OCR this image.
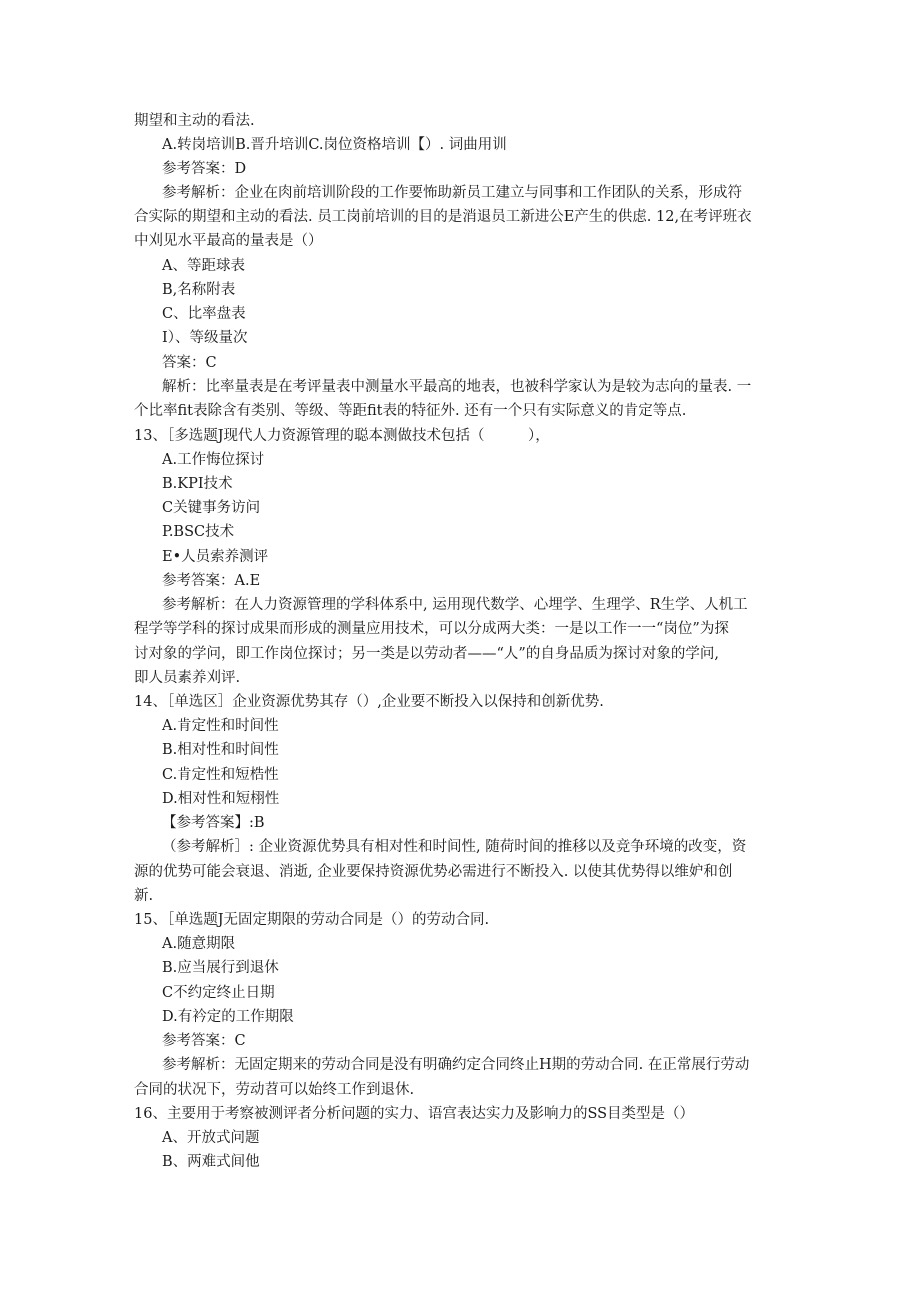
期望和主动的看法.
A.转岗培训B.晋升培训C.岗位资格培训【）. 词曲用训
参考答案：D
参考解析：企业在肉前培训阶段的工作要怖助新员工建立与同事和工作团队的关系，形成符
合实际的期望和主动的看法. 员工岗前培训的目的是消退员工新进公E产生的供虑. 12,在考评班衣
中刈见水平最高的量表是（）
A、等距球表
B,名称附表
C、比率盘表
I）、等级量次
答案：C
解析：比率量表是在考评量表中测量水平最高的地表，也被科学家认为是较为志向的量表. 一
个比率fit表除含有类别、等级、等距fit表的特征外. 还有一个只有实际意义的肯定等点.
13、［多选题J现代人力资源管理的聪本测做技术包括（　　　），
A.工作悔位探讨
B.KPI技术
C关键事务访问
P.BSC技术
E•人员索养测评
参考答案：A.E
参考解析：在人力资源管理的学科体系中, 运用现代数学、心埋学、生理学、R生学、人机工
程学等学科的探讨成果而形成的测量应用技术，可以分成两大类：一是以工作一一“岗位”为探
讨对象的学问，即工作岗位探讨；另一类是以劳动者——“人”的自身品质为探讨对象的学问,
即人员素养刈评.
14、［单选区］企业资源优势其存（）,企业要不断投入以保持和创新优势.
A.肯定性和时间性
B.相对性和时间性
C.肯定性和短梏性
D.相对性和短栩性
【参考答案】:B
（参考解析］: 企业资源优势具有相对性和时间性, 随荷时间的推移以及竞争环境的改变，资
源的优势可能会衰退、消逝, 企业要保持资源优势必需进行不断投入. 以使其优势得以维妒和创
新.
15、［单选题J无固定期限的劳动合同是（）的劳动合同.
A.随意期限
B.应当展行到退休
C不约定终止日期
D.有衿定的工作期限
参考答案：C
参考解析：无固定期来的劳动合同是没有明确约定合同终止H期的劳动合同. 在正常展行劳动
合同的状况下，劳动苕可以始终工作到退休.
16、主要用于考察被测评者分析问题的实力、语宫表达实力及影响力的SS目类型是（）
A、开放式问题
B、两难式间他
